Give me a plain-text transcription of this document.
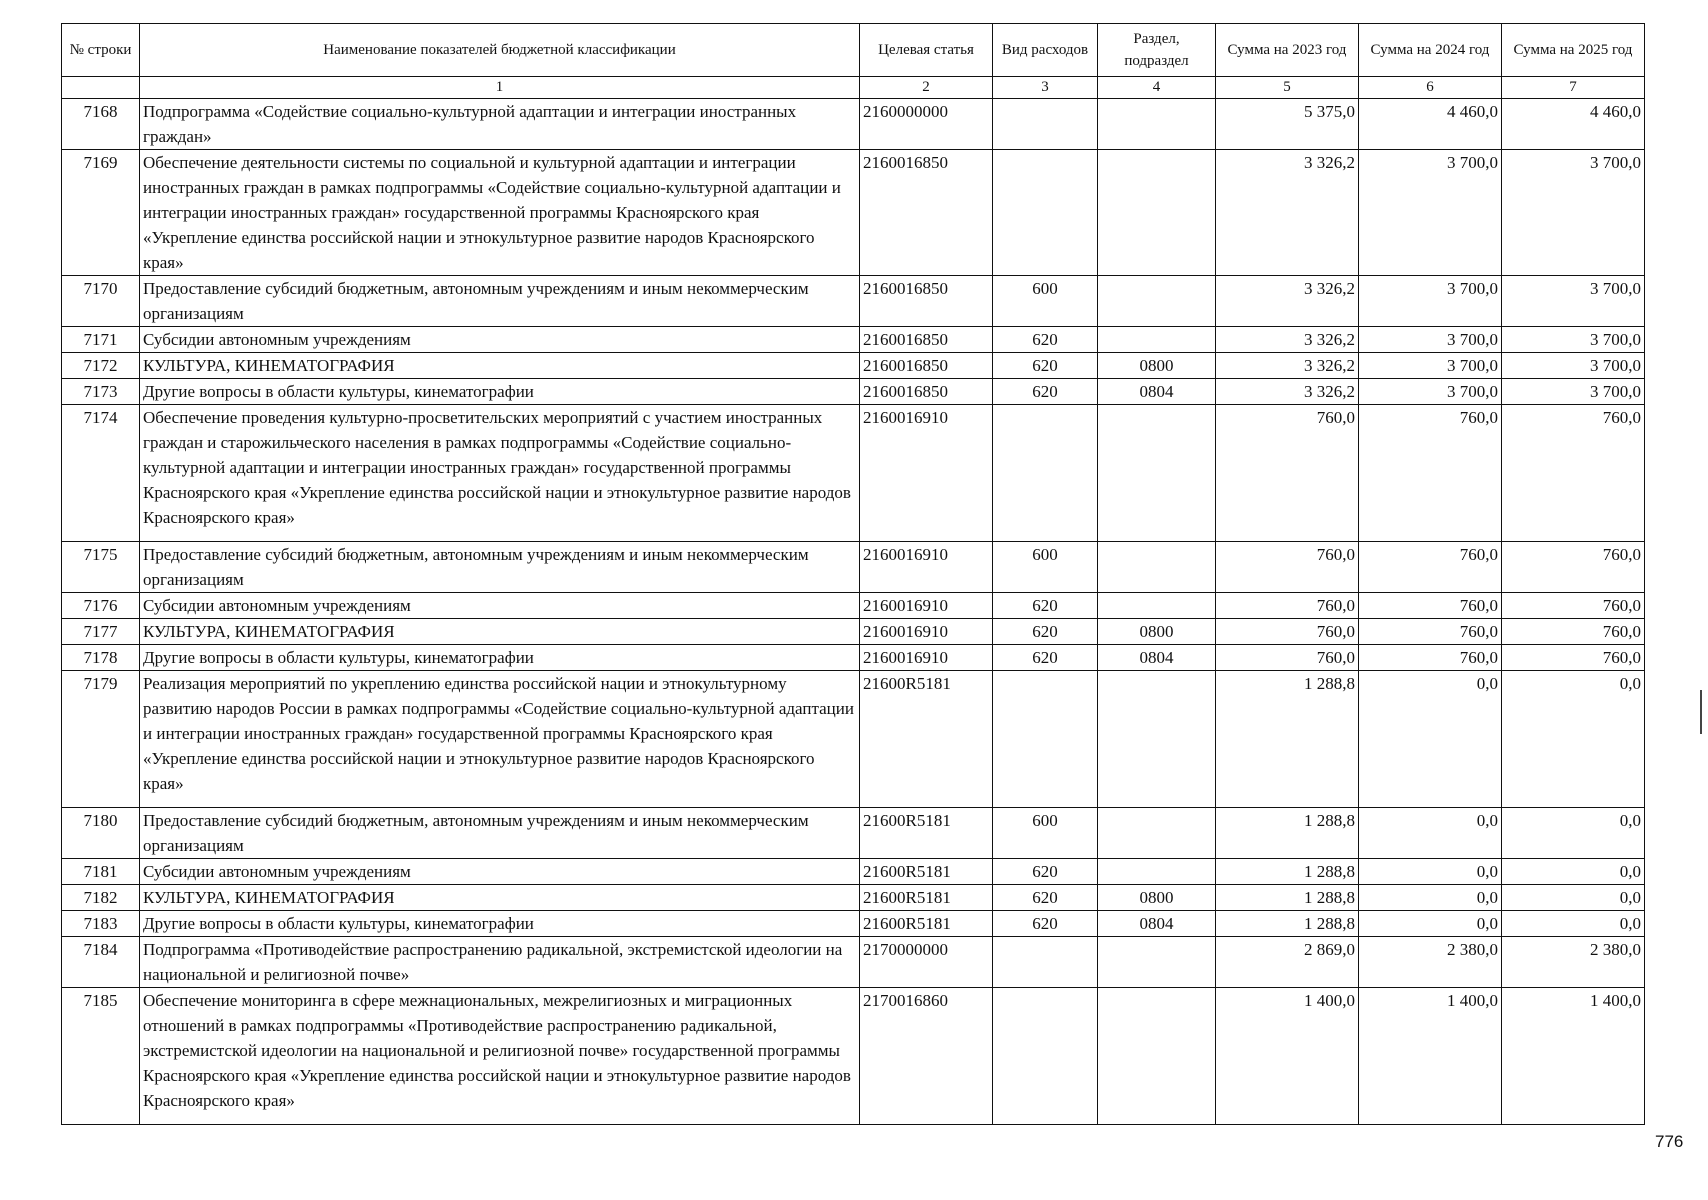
№ строки	Наименование показателей бюджетной классификации	Целевая статья	Вид расходов	Раздел, подраздел	Сумма на 2023 год	Сумма на 2024 год	Сумма на 2025 год
	1	2	3	4	5	6	7
7168	Подпрограмма «Содействие социально-культурной адаптации и интеграции иностранных граждан»	2160000000			5 375,0	4 460,0	4 460,0
7169	Обеспечение деятельности системы по социальной и культурной адаптации и интеграции иностранных граждан в рамках подпрограммы «Содействие социально-культурной адаптации и интеграции иностранных граждан» государственной программы Красноярского края «Укрепление единства российской нации и этнокультурное развитие народов Красноярского края»	2160016850			3 326,2	3 700,0	3 700,0
7170	Предоставление субсидий бюджетным, автономным учреждениям и иным некоммерческим организациям	2160016850	600		3 326,2	3 700,0	3 700,0
7171	Субсидии автономным учреждениям	2160016850	620		3 326,2	3 700,0	3 700,0
7172	КУЛЬТУРА, КИНЕМАТОГРАФИЯ	2160016850	620	0800	3 326,2	3 700,0	3 700,0
7173	Другие вопросы в области культуры, кинематографии	2160016850	620	0804	3 326,2	3 700,0	3 700,0
7174	Обеспечение проведения культурно-просветительских мероприятий с участием иностранных граждан и старожильческого населения в рамках подпрограммы «Содействие социально-культурной адаптации и интеграции иностранных граждан» государственной программы Красноярского края «Укрепление единства российской нации и этнокультурное развитие народов Красноярского края»	2160016910			760,0	760,0	760,0
7175	Предоставление субсидий бюджетным, автономным учреждениям и иным некоммерческим организациям	2160016910	600		760,0	760,0	760,0
7176	Субсидии автономным учреждениям	2160016910	620		760,0	760,0	760,0
7177	КУЛЬТУРА, КИНЕМАТОГРАФИЯ	2160016910	620	0800	760,0	760,0	760,0
7178	Другие вопросы в области культуры, кинематографии	2160016910	620	0804	760,0	760,0	760,0
7179	Реализация мероприятий по укреплению единства российской нации и этнокультурному развитию народов России в рамках подпрограммы «Содействие социально-культурной адаптации и интеграции иностранных граждан» государственной программы Красноярского края «Укрепление единства российской нации и этнокультурное развитие народов Красноярского края»	21600R5181			1 288,8	0,0	0,0
7180	Предоставление субсидий бюджетным, автономным учреждениям и иным некоммерческим организациям	21600R5181	600		1 288,8	0,0	0,0
7181	Субсидии автономным учреждениям	21600R5181	620		1 288,8	0,0	0,0
7182	КУЛЬТУРА, КИНЕМАТОГРАФИЯ	21600R5181	620	0800	1 288,8	0,0	0,0
7183	Другие вопросы в области культуры, кинематографии	21600R5181	620	0804	1 288,8	0,0	0,0
7184	Подпрограмма «Противодействие распространению радикальной, экстремистской идеологии на национальной и религиозной почве»	2170000000			2 869,0	2 380,0	2 380,0
7185	Обеспечение мониторинга в сфере межнациональных, межрелигиозных и миграционных отношений в рамках подпрограммы «Противодействие распространению радикальной, экстремистской идеологии на национальной и религиозной почве» государственной программы Красноярского края «Укрепление единства российской нации и этнокультурное развитие народов Красноярского края»	2170016860			1 400,0	1 400,0	1 400,0
776
